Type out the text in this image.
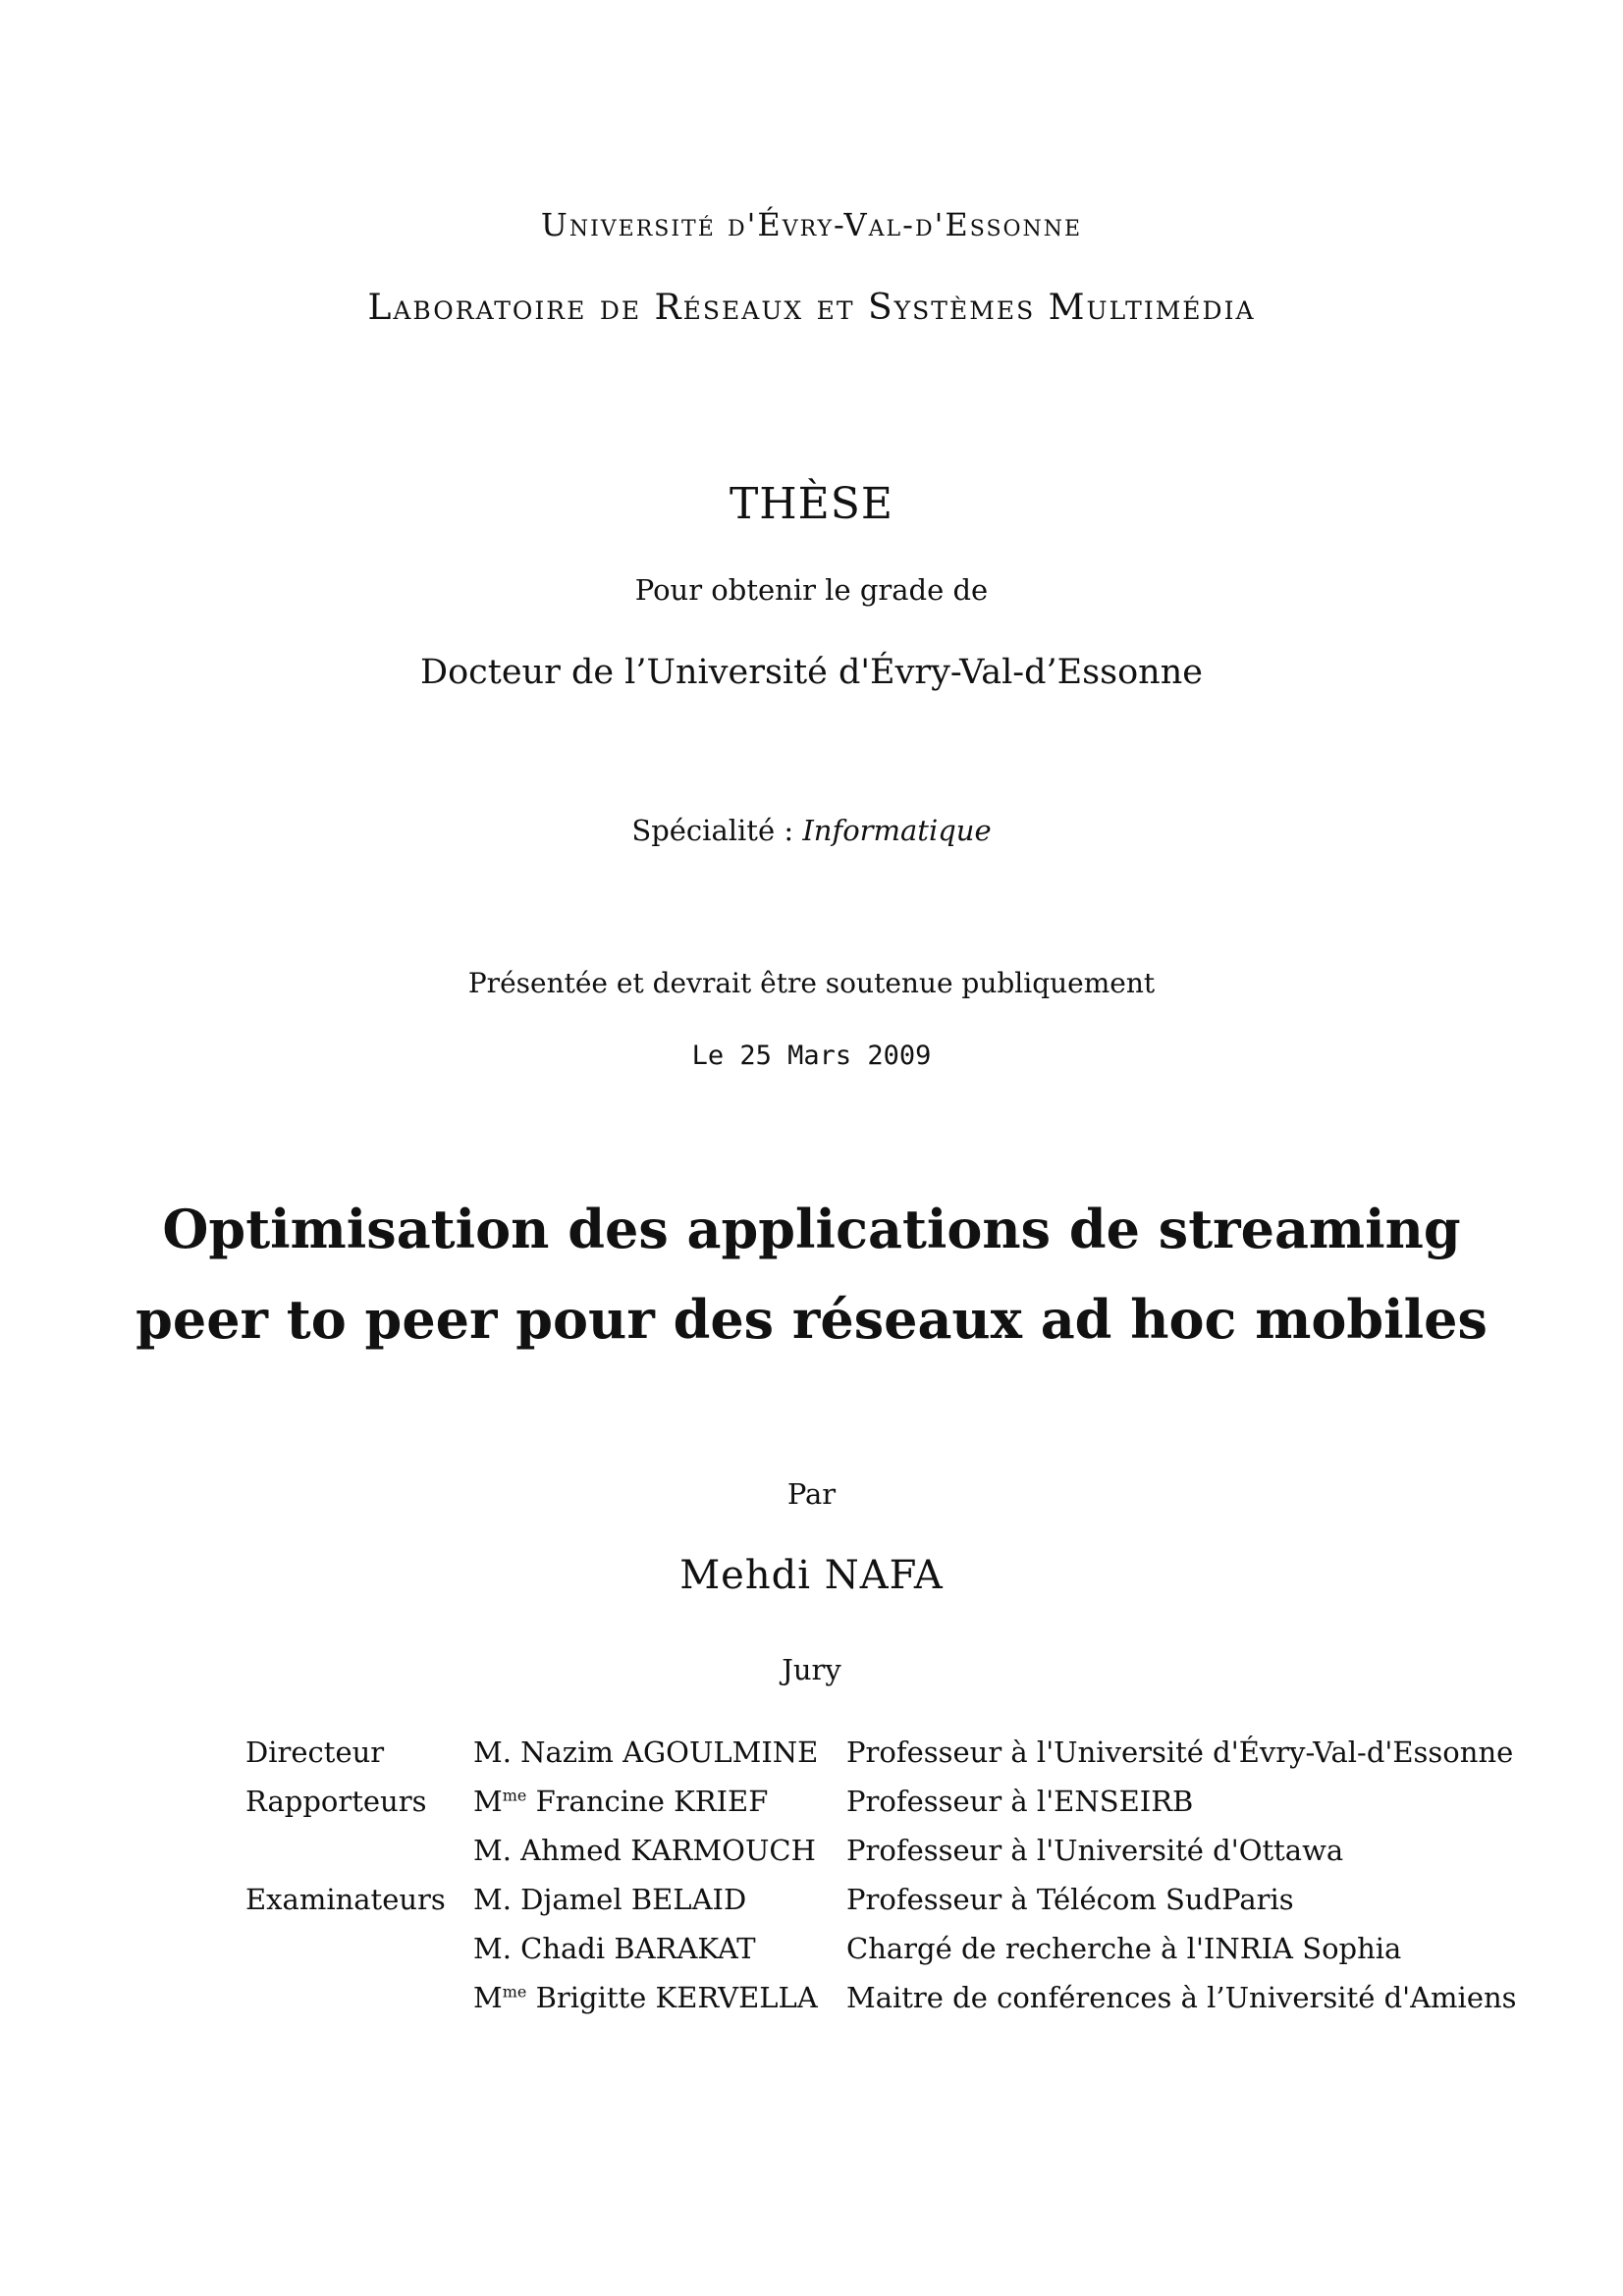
Université d'Évry-Val-d'Essonne
Laboratoire de Réseaux et Systèmes Multimédia
THÈSE
Pour obtenir le grade de
Docteur de l’Université d'Évry-Val-d’Essonne
Spécialité : Informatique
Présentée et devrait être soutenue publiquement
Le 25 Mars 2009
Optimisation des applications de streaming
peer to peer pour des réseaux ad hoc mobiles
Par
Mehdi NAFA
Jury
Directeur	M. Nazim AGOULMINE	Professeur à l'Université d'Évry-Val-d'Essonne
Rapporteurs	$M^{me}$ Francine KRIEF	Professeur à l'ENSEIRB
	M. Ahmed KARMOUCH	Professeur à l'Université d'Ottawa
Examinateurs	M. Djamel BELAID	Professeur à Télécom SudParis
	M. Chadi BARAKAT	Chargé de recherche à l'INRIA Sophia
	$M^{me}$ Brigitte KERVELLA	Maitre de conférences à l’Université d'Amiens
